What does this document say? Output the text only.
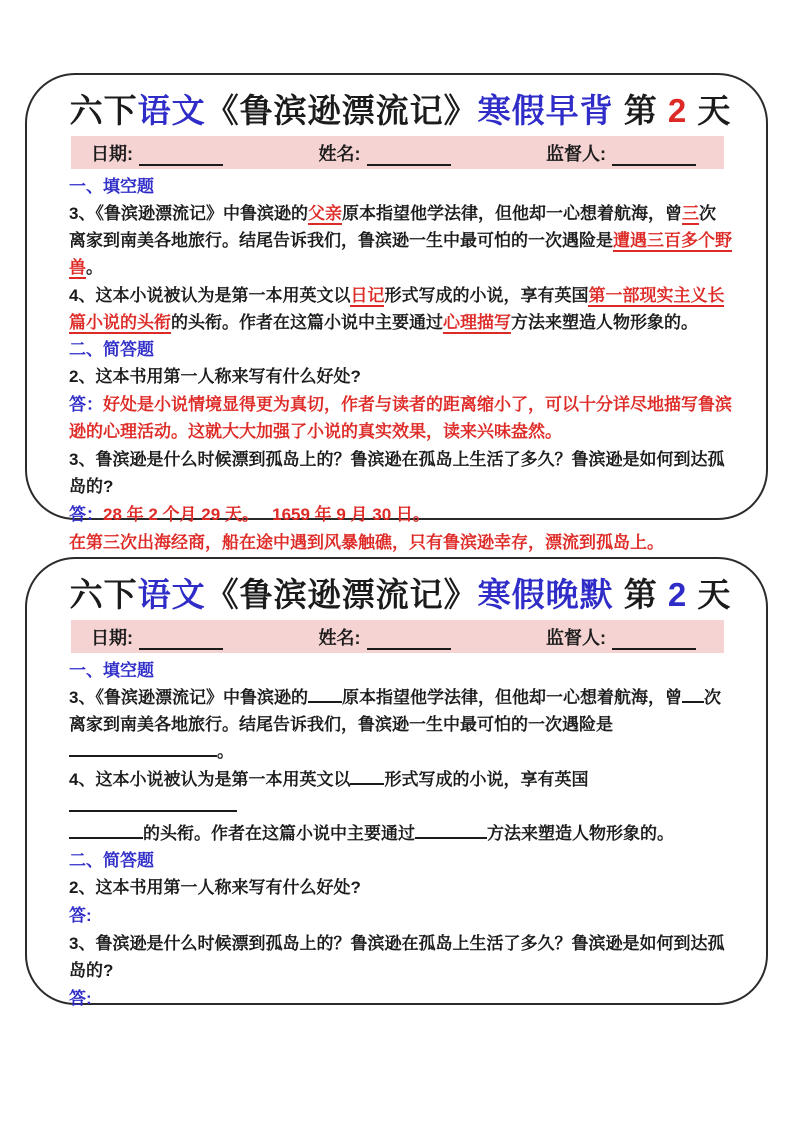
六下语文《鲁滨逊漂流记》寒假早背 第 2 天
日期:	姓名:	监督人:
一、填空题

3、《鲁滨逊漂流记》中鲁滨逊的父亲原本指望他学法律，但他却一心想着航海，曾三次离家到南美各地旅行。结尾告诉我们，鲁滨逊一生中最可怕的一次遇险是遭遇三百多个野兽。

4、这本小说被认为是第一本用英文以日记形式写成的小说，享有英国第一部现实主义长篇小说的头衔的头衔。作者在这篇小说中主要通过心理描写方法来塑造人物形象的。

二、简答题

2、这本书用第一人称来写有什么好处?

答：好处是小说情境显得更为真切，作者与读者的距离缩小了，可以十分详尽地描写鲁滨逊的心理活动。这就大大加强了小说的真实效果，读来兴味盎然。

3、鲁滨逊是什么时候漂到孤岛上的？鲁滨逊在孤岛上生活了多久？鲁滨逊是如何到达孤岛的?

答：28 年 2 个月 29 天。　 1659 年 9 月 30 日。

在第三次出海经商，船在途中遇到风暴触礁，只有鲁滨逊幸存，漂流到孤岛上。

六下语文《鲁滨逊漂流记》寒假晚默 第 2 天
日期:	姓名:	监督人:
一、填空题

3、《鲁滨逊漂流记》中鲁滨逊的 原本指望他学法律，但他却一心想着航海，曾 次离家到南美各地旅行。结尾告诉我们，鲁滨逊一生中最可怕的一次遇险是。

4、这本小说被认为是第一本用英文以 形式写成的小说，享有英国
的头衔。作者在这篇小说中主要通过	方法来塑造人物形象的。

二、简答题

2、这本书用第一人称来写有什么好处?

答:

3、鲁滨逊是什么时候漂到孤岛上的？鲁滨逊在孤岛上生活了多久？鲁滨逊是如何到达孤岛的?

答:
